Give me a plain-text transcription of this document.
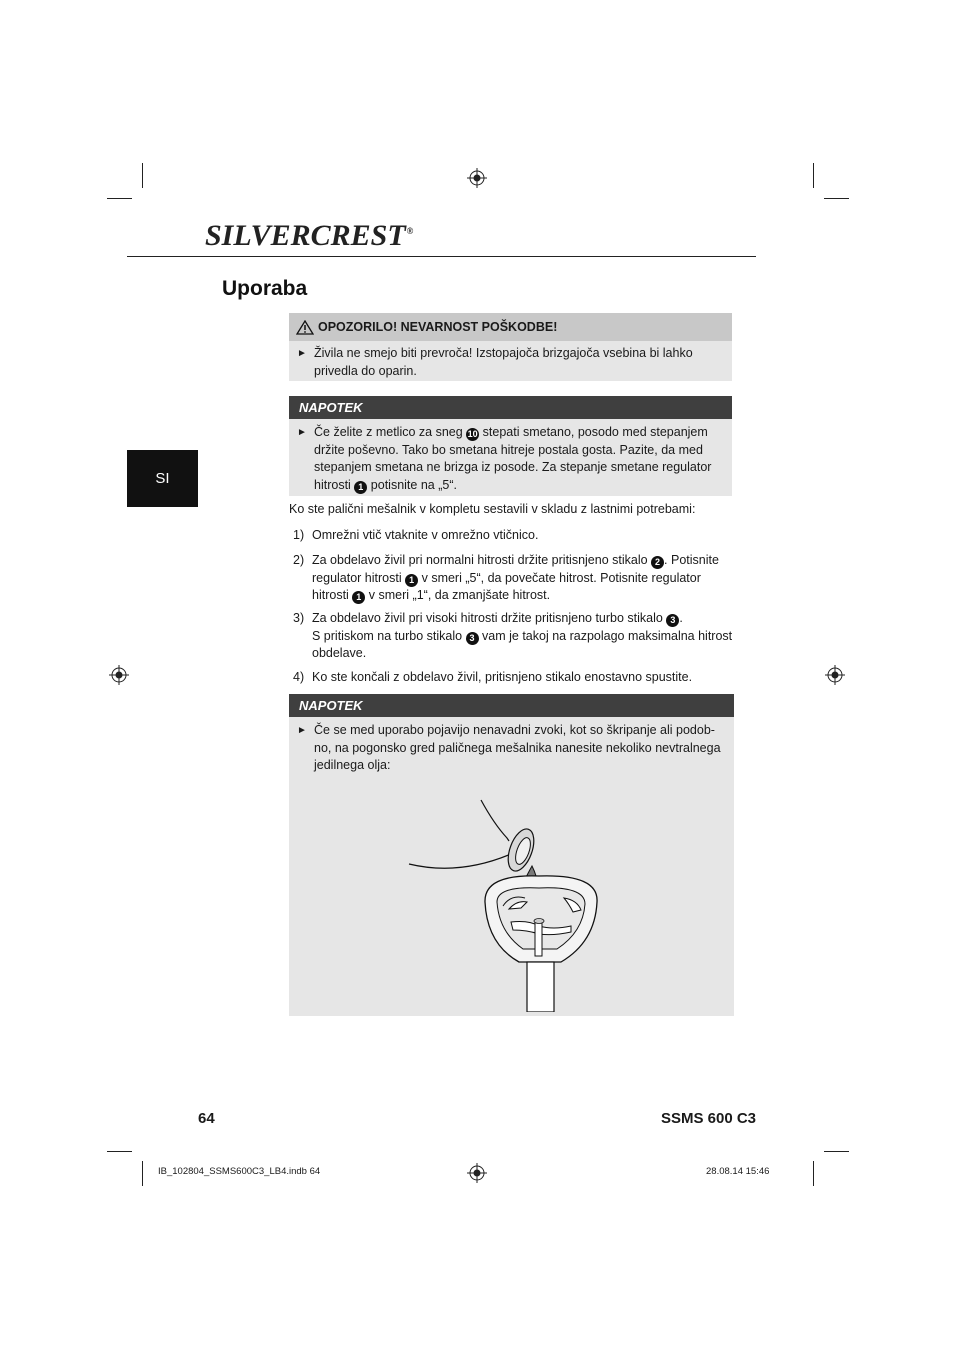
SILVERCREST®
Uporaba
SI
OPOZORILO! NEVARNOST POŠKODBE!
► Živila ne smejo biti prevroča! Izstopajoča brizgajoča vsebina bi lahko privedla do oparin.
NAPOTEK
► Če želite z metlico za sneg 10 stepati smetano, posodo med stepanjem držite poševno. Tako bo smetana hitreje postala gosta. Pazite, da med stepanjem smetana ne brizga iz posode. Za stepanje smetane regulator hitrosti 1 potisnite na „5“.
Ko ste palični mešalnik v kompletu sestavili v skladu z lastnimi potrebami:
1) Omrežni vtič vtaknite v omrežno vtičnico.
2) Za obdelavo živil pri normalni hitrosti držite pritisnjeno stikalo 2 . Potisnite regulator hitrosti 1 v smeri „5“, da povečate hitrost. Potisnite regulator hitrosti 1 v smeri „1“, da zmanjšate hitrost.
3) Za obdelavo živil pri visoki hitrosti držite pritisnjeno turbo stikalo 3 .
S pritiskom na turbo stikalo 3 vam je takoj na razpolago maksimalna hitrost obdelave.
4) Ko ste končali z obdelavo živil, pritisnjeno stikalo enostavno spustite.
NAPOTEK
► Če se med uporabo pojavijo nenavadni zvoki, kot so škripanje ali podob- no, na pogonsko gred paličnega mešalnika nanesite nekoliko nevtralnega jedilnega olja:
64	SSMS 600 C3
IB_102804_SSMS600C3_LB4.indb 64	28.08.14 15:46
